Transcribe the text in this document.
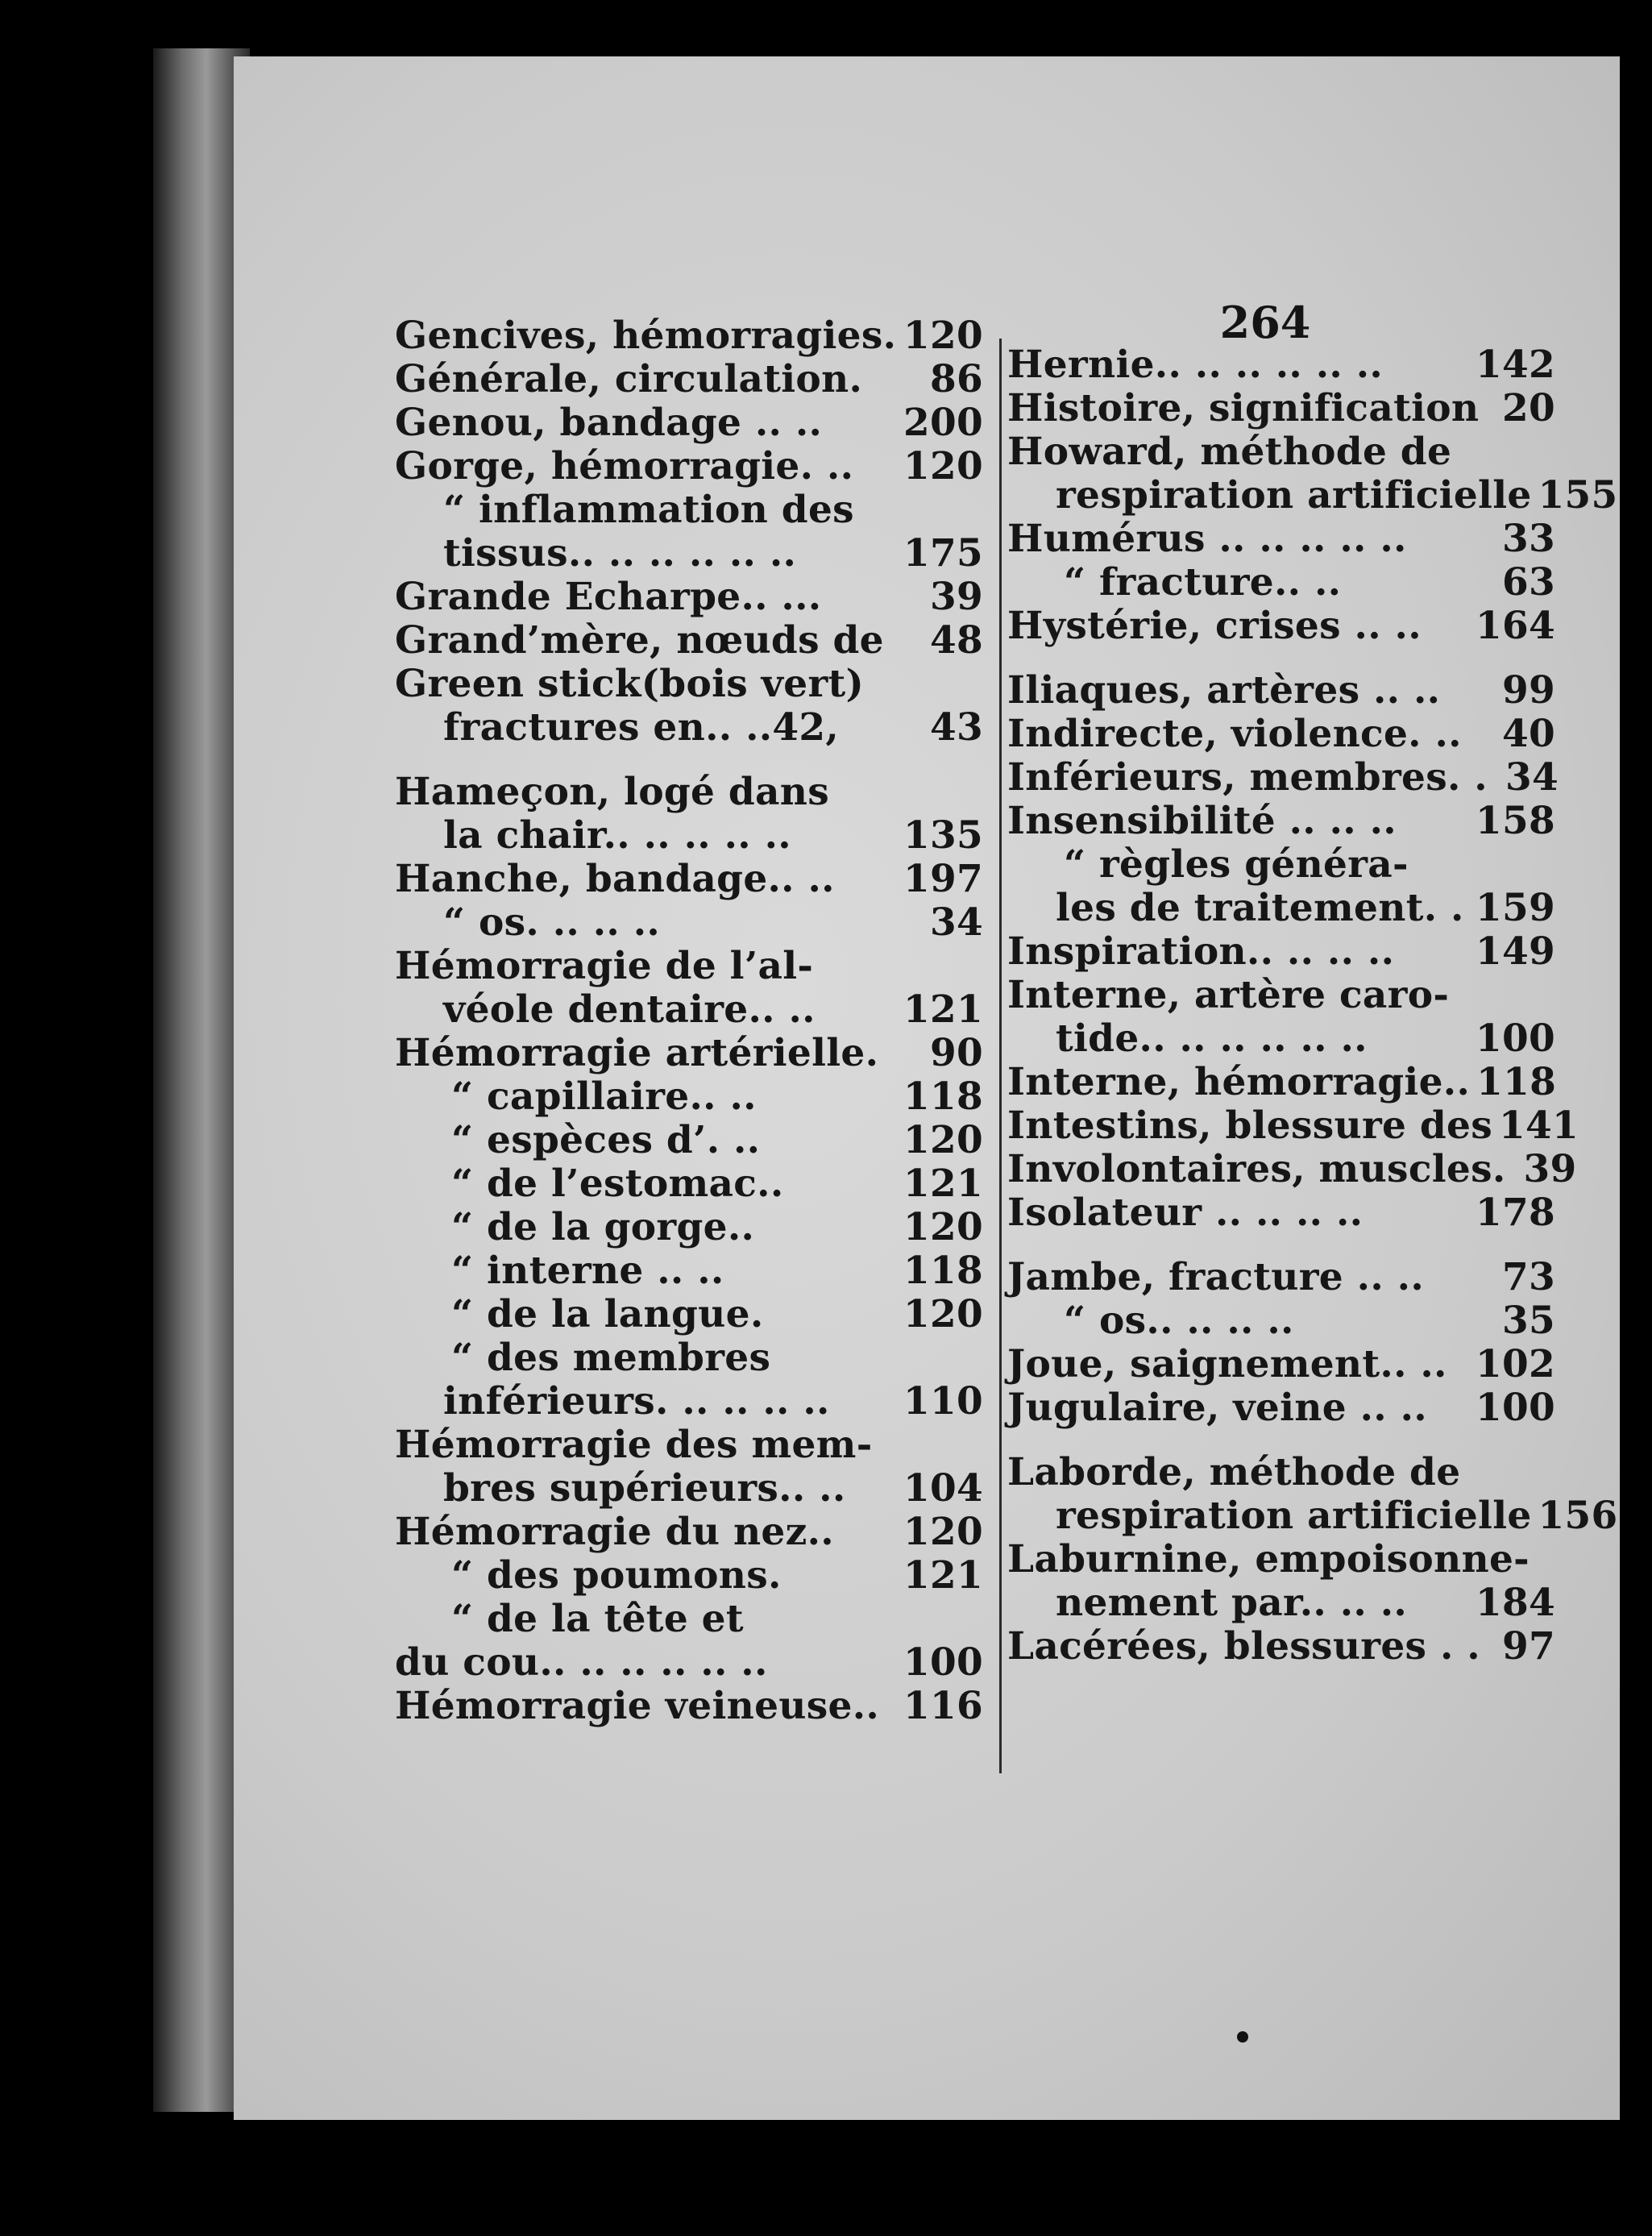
264
Gencives, hémorragies. 120
Générale, circulation.	86
Genou, bandage .. ..	200
Gorge, hémorragie. ..	120
“ inflammation des
tissus.. .. .. .. .. ..	175
Grande Echarpe.. ...	39
Grand’mère, nœuds de	48
Green stick(bois vert)
fractures en.. ..42,	43
Hameçon, logé dans
la chair.. .. .. .. ..	135
Hanche, bandage.. ..	197
“ os. .. .. ..	34
Hémorragie de l’al-
véole dentaire.. ..	121
Hémorragie artérielle.	90
“ capillaire.. ..	118
“ espèces d’. ..	120
“ de l’estomac..	121
“ de la gorge..	120
“ interne .. ..	118
“ de la langue.	120
“ des membres
inférieurs. .. .. .. ..	110
Hémorragie des mem-
bres supérieurs.. ..	104
Hémorragie du nez..	120
“ des poumons.	121
“ de la tête et
du cou.. .. .. .. .. ..	100
Hémorragie veineuse.. 116
Hernie.. .. .. .. .. ..	142
Histoire, signification 20
Howard, méthode de
respiration artificielle 155
Humérus .. .. .. .. ..	33
“ fracture.. ..	63
Hystérie, crises .. ..	164
Iliaques, artères .. ..	99
Indirecte, violence. ..	40
Inférieurs, membres. . 34
Insensibilité .. .. ..	158
“ règles généra-
les de traitement. . 159
Inspiration.. .. .. ..	149
Interne, artère caro-
tide.. .. .. .. .. ..	100
Interne, hémorragie.. 118
Intestins, blessure des 141
Involontaires, muscles. 39
Isolateur .. .. .. ..	178
Jambe, fracture .. ..	73
“ os.. .. .. ..	35
Joue, saignement.. .. 102
Jugulaire, veine .. ..	100
Laborde, méthode de
respiration artificielle 156
Laburnine, empoisonne-
nement par.. .. ..	184
Lacérées, blessures . . 97
